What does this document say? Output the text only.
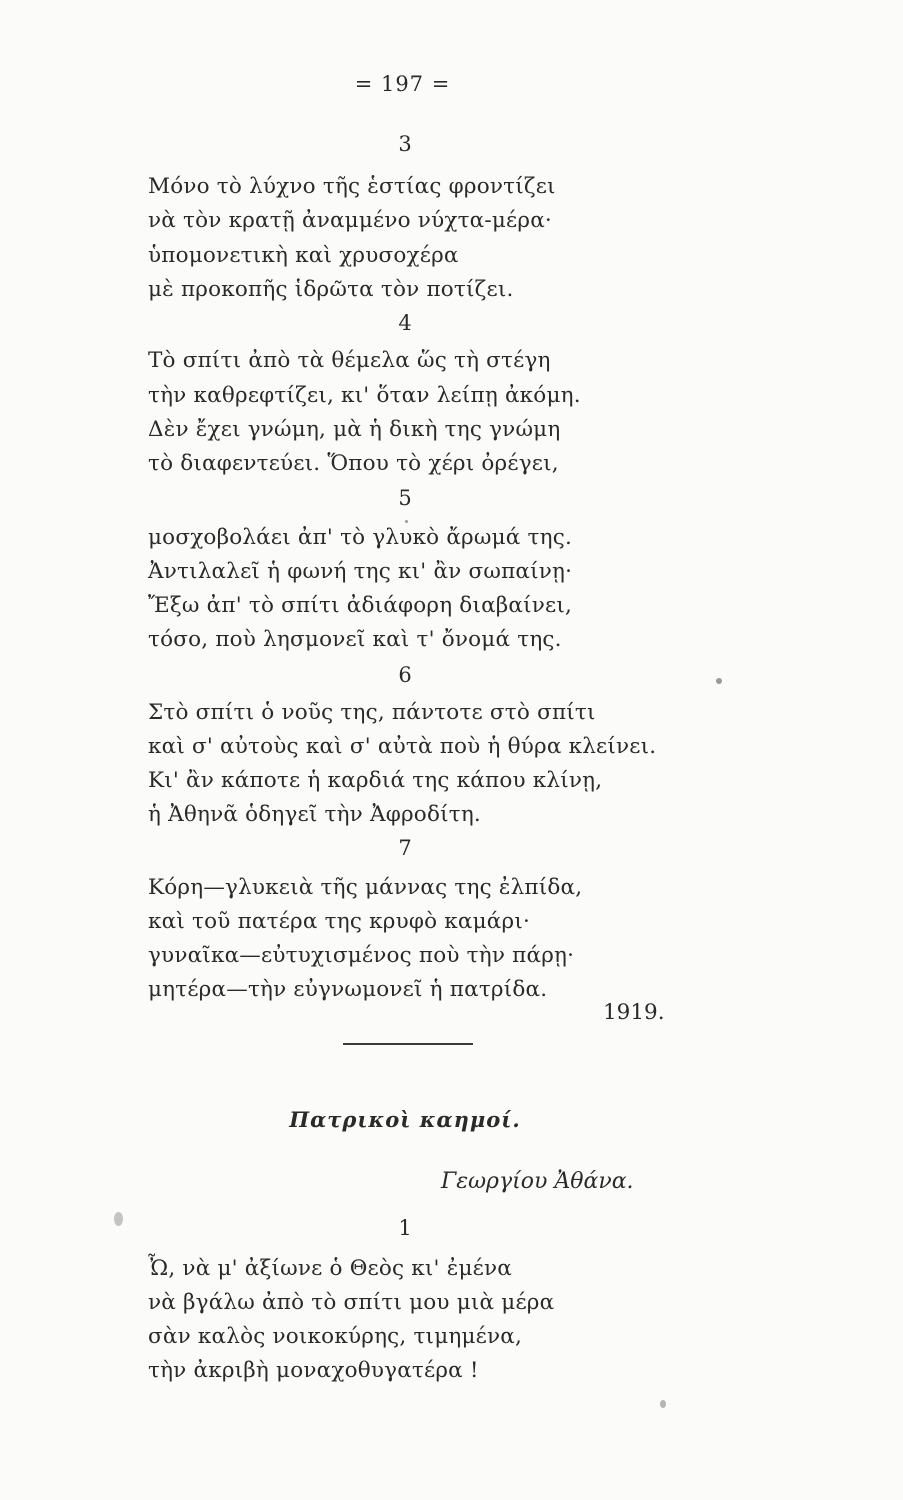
= 197 =
3
Μόνο τὸ λύχνο τῆς ἑστίας φροντίζει
νὰ τὸν κρατῇ ἀναμμένο νύχτα-μέρα·
ὑπομονετικὴ καὶ χρυσοχέρα
μὲ προκοπῆς ἱδρῶτα τὸν ποτίζει.
4
Τὸ σπίτι ἀπὸ τὰ θέμελα ὥς τὴ στέγη
τὴν καθρεφτίζει, κι' ὅταν λείπῃ ἀκόμη.
Δὲν ἔχει γνώμη, μὰ ἡ δικὴ της γνώμη
τὸ διαφεντεύει. Ὅπου τὸ χέρι ὀρέγει,
5
μοσχοβολάει ἀπ' τὸ γλυκὸ ἄρωμά της.
Ἀντιλαλεῖ ἡ φωνή της κι' ἂν σωπαίνῃ·
Ἔξω ἀπ' τὸ σπίτι ἀδιάφορη διαβαίνει,
τόσο, ποὺ λησμονεῖ καὶ τ' ὄνομά της.
6
Στὸ σπίτι ὁ νοῦς της, πάντοτε στὸ σπίτι
καὶ σ' αὐτοὺς καὶ σ' αὐτὰ ποὺ ἡ θύρα κλείνει.
Κι' ἂν κάποτε ἡ καρδιά της κάπου κλίνῃ,
ἡ Ἀθηνᾶ ὁδηγεῖ τὴν Ἀφροδίτη.
7
Κόρη—γλυκειὰ τῆς μάννας της ἐλπίδα,
καὶ τοῦ πατέρα της κρυφὸ καμάρι·
γυναῖκα—εὐτυχισμένος ποὺ τὴν πάρῃ·
μητέρα—τὴν εὐγνωμονεῖ ἡ πατρίδα.
1919.
Πατρικοὶ καημοί.
Γεωργίου Ἀθάνα.
1
Ὦ, νὰ μ' ἀξίωνε ὁ Θεὸς κι' ἐμένα
νὰ βγάλω ἀπὸ τὸ σπίτι μου μιὰ μέρα
σὰν καλὸς νοικοκύρης, τιμημένα,
τὴν ἀκριβὴ μοναχοθυγατέρα !
